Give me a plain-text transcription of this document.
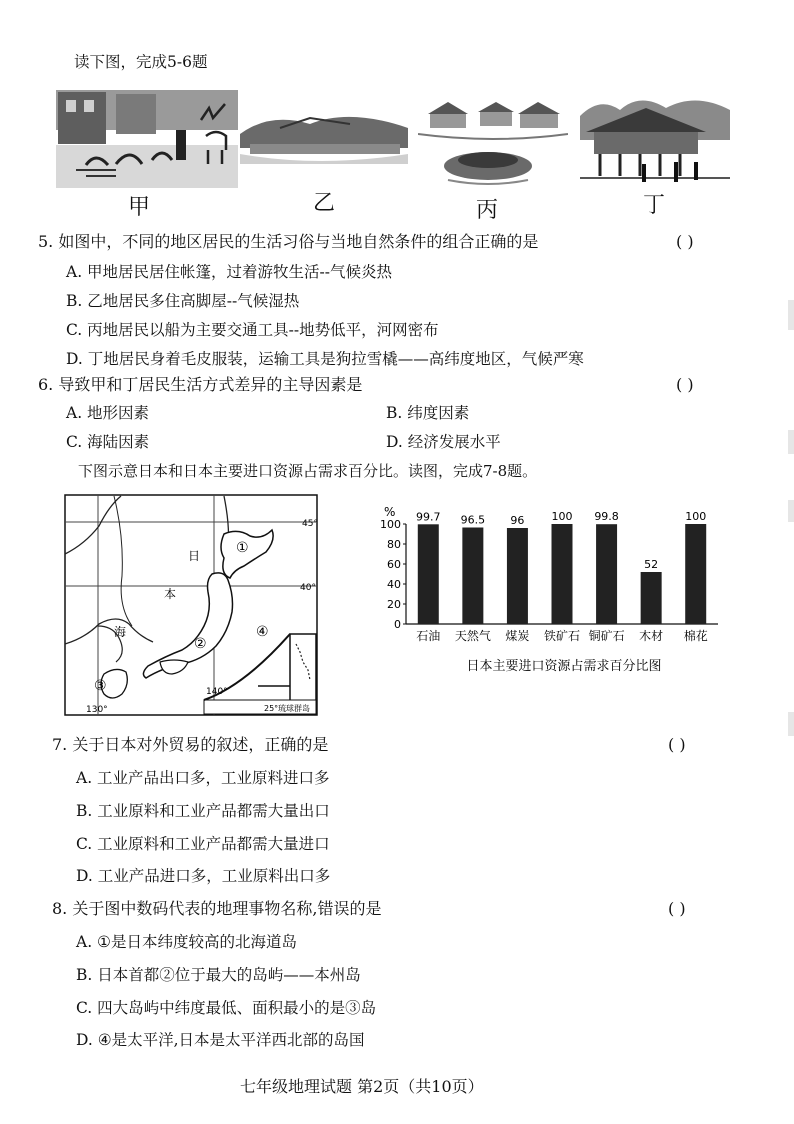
读下图，完成5-6题
甲	乙	丙	丁
5. 如图中，不同的地区居民的生活习俗与当地自然条件的组合正确的是	( )
A. 甲地居民居住帐篷，过着游牧生活--气候炎热
B. 乙地居民多住高脚屋--气候湿热
C. 丙地居民以船为主要交通工具--地势低平，河网密布
D. 丁地居民身着毛皮服装，运输工具是狗拉雪橇——高纬度地区，气候严寒
6. 导致甲和丁居民生活方式差异的主导因素是	( )
A. 地形因素	B. 纬度因素
C. 海陆因素	D. 经济发展水平
下图示意日本和日本主要进口资源占需求百分比。读图，完成7-8题。
45°
40°
140°
130°
日
本
海
①
②
③
④
25° 琉球群岛
%
0
20
40
60
80
100
99.7 96.5 96 100 99.8
52
100
石油 天然气 煤炭 铁矿石 铜矿石 木材 棉花
日本主要进口资源占需求百分比图
7. 关于日本对外贸易的叙述，正确的是	( )
A. 工业产品出口多，工业原料进口多
B. 工业原料和工业产品都需大量出口
C. 工业原料和工业产品都需大量进口
D. 工业产品进口多，工业原料出口多
8. 关于图中数码代表的地理事物名称,错误的是	( )
A. ①是日本纬度较高的北海道岛
B. 日本首都②位于最大的岛屿——本州岛
C. 四大岛屿中纬度最低、面积最小的是③岛
D. ④是太平洋,日本是太平洋西北部的岛国
七年级地理试题 第2页（共10页）
